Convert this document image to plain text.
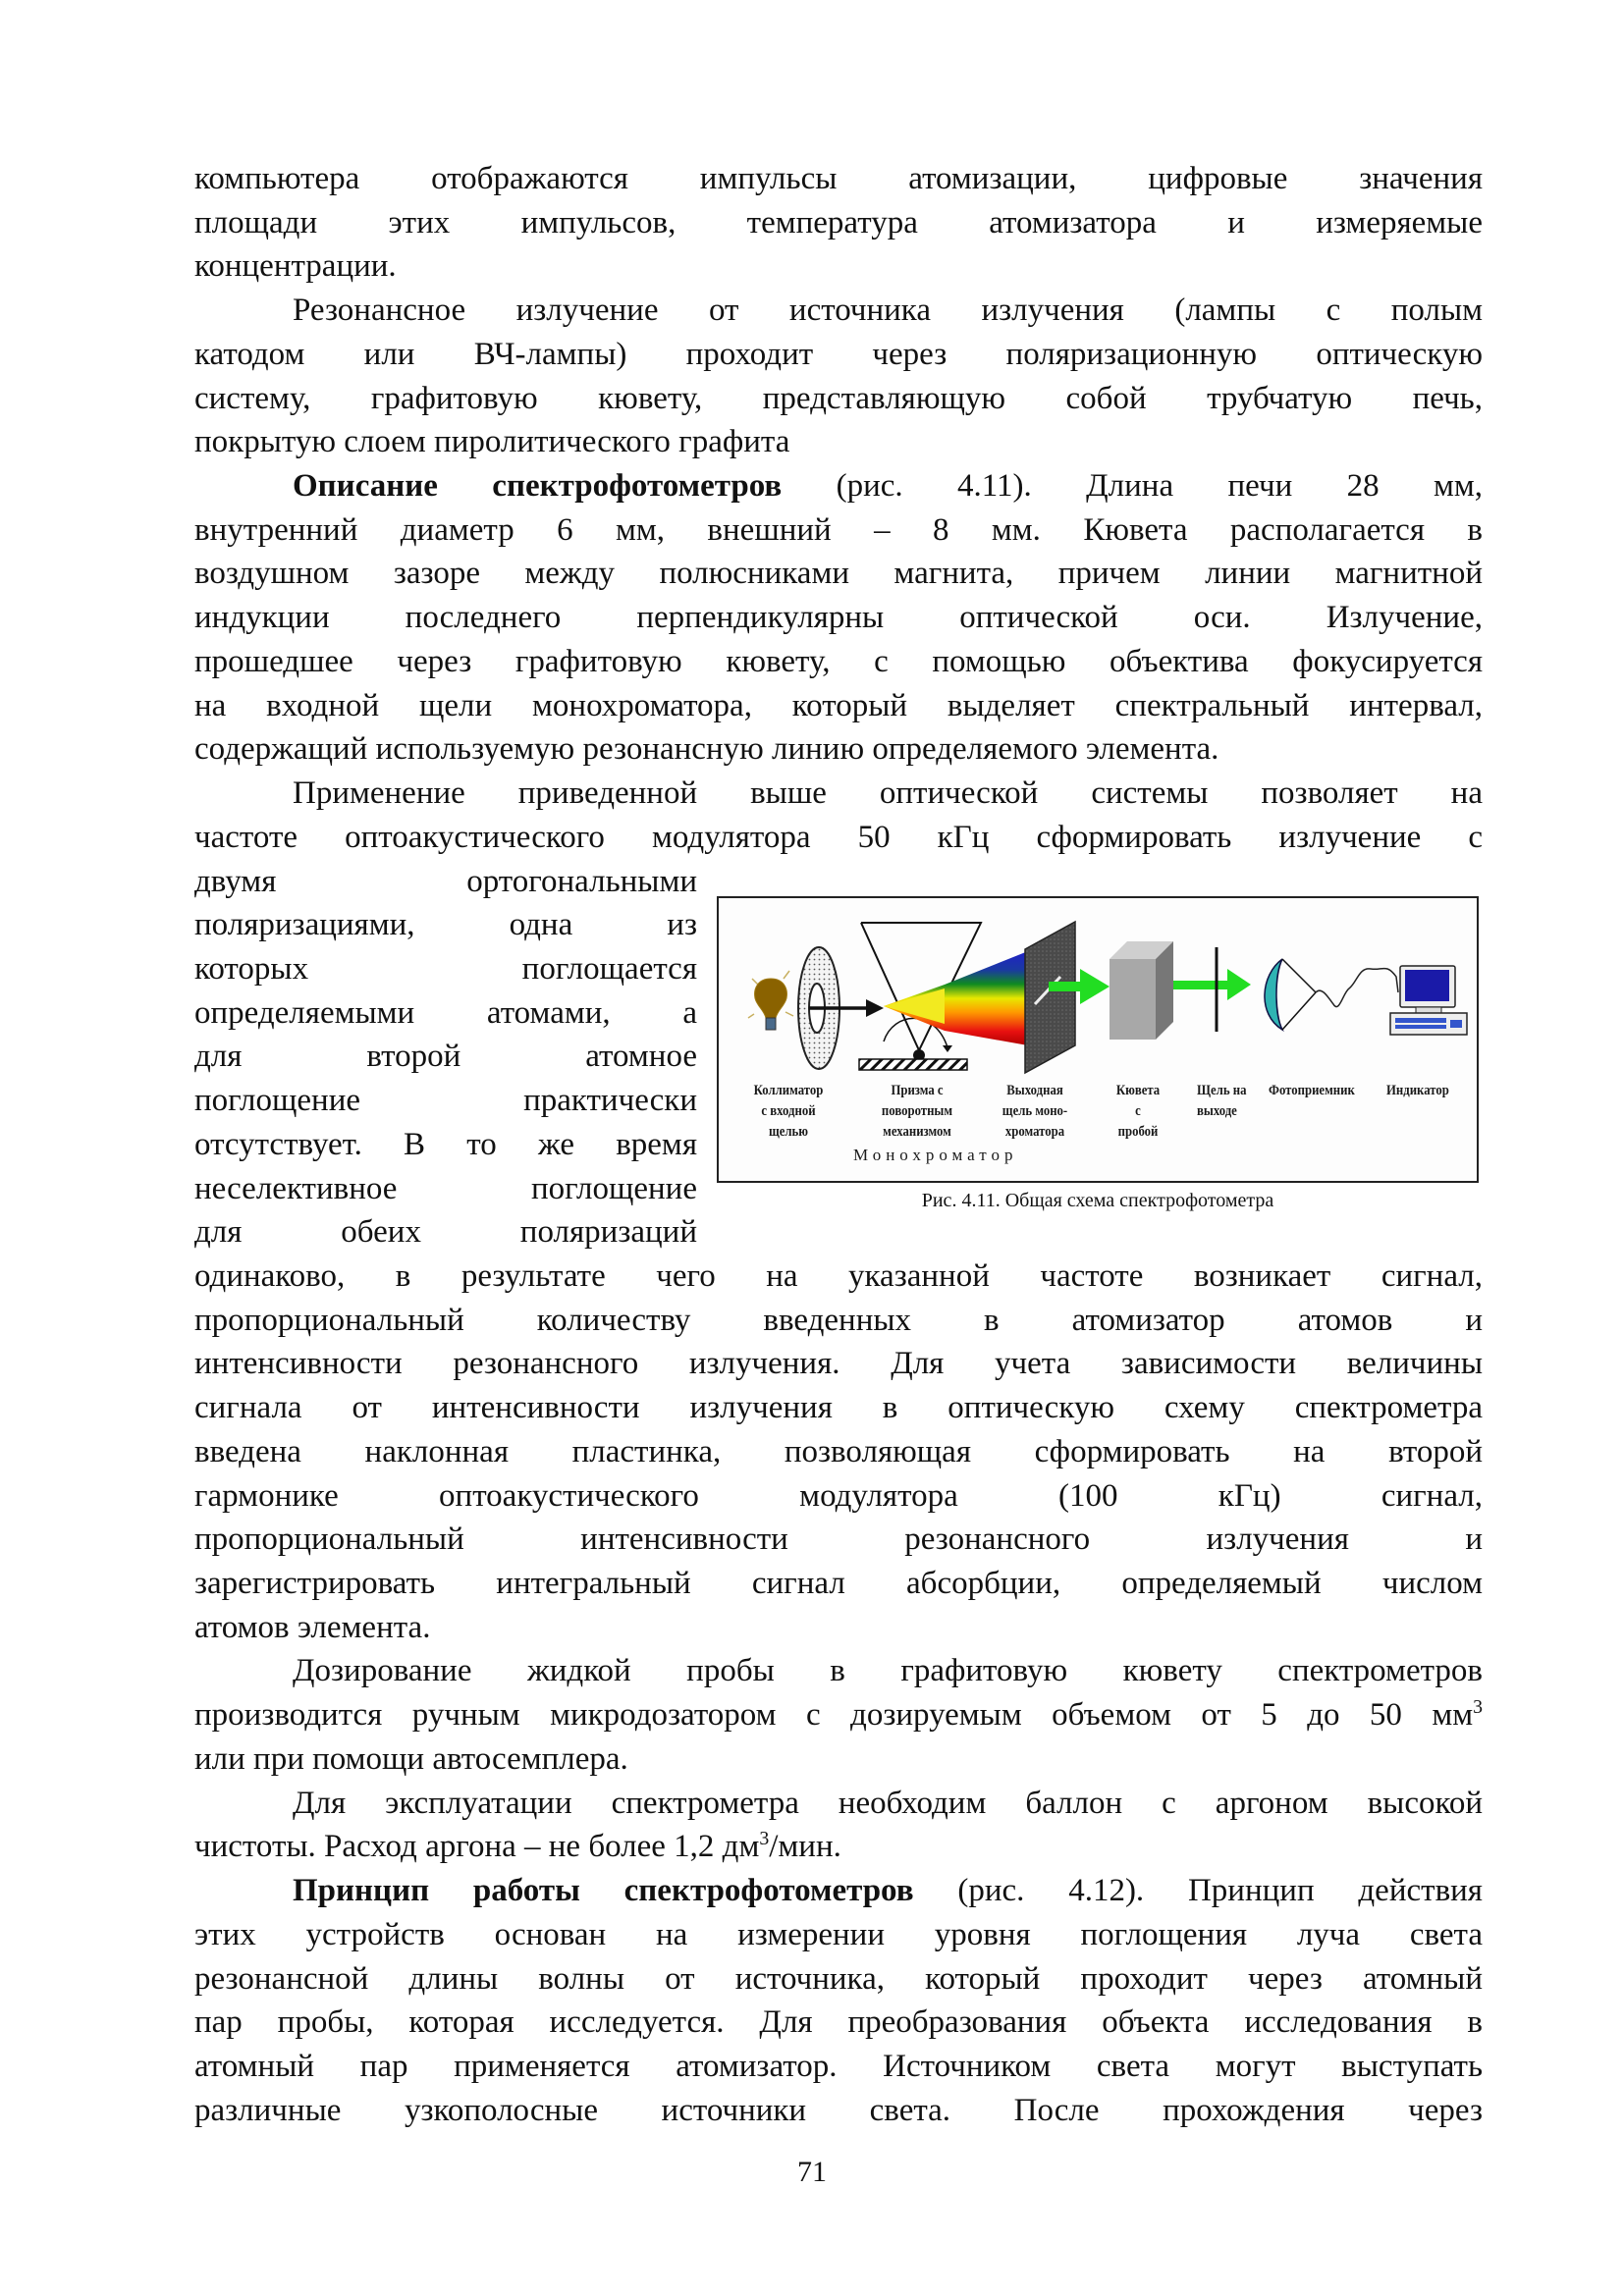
компьютера отображаются импульсы атомизации, цифровые значения
площади этих импульсов, температура атомизатора и измеряемые
концентрации.
Резонансное излучение от источника излучения (лампы с полым
катодом или ВЧ-лампы) проходит через поляризационную оптическую
систему, графитовую кювету, представляющую собой трубчатую печь,
покрытую слоем пиролитического графита
Описание спектрофотометров (рис. 4.11). Длина печи 28 мм,
внутренний диаметр 6 мм, внешний – 8 мм. Кювета располагается в
воздушном зазоре между полюсниками магнита, причем линии магнитной
индукции последнего перпендикулярны оптической оси. Излучение,
прошедшее через графитовую кювету, с помощью объектива фокусируется
на входной щели монохроматора, который выделяет спектральный интервал,
содержащий используемую резонансную линию определяемого элемента.
Применение приведенной выше оптической системы позволяет на
частоте оптоакустического модулятора 50 кГц сформировать излучение с
двумя ортогональными
поляризациями, одна из
которых поглощается
определяемыми атомами, а
для второй атомное
поглощение практически
отсутствует. В то же время
неселективное поглощение
для обеих поляризаций
одинаково, в результате чего на указанной частоте возникает сигнал,
пропорциональный количеству введенных в атомизатор атомов и
интенсивности резонансного излучения. Для учета зависимости величины
сигнала от интенсивности излучения в оптическую схему спектрометра
введена наклонная пластинка, позволяющая сформировать на второй
гармонике оптоакустического модулятора (100 кГц) сигнал,
пропорциональный интенсивности резонансного излучения и
зарегистрировать интегральный сигнал абсорбции, определяемый числом
атомов элемента.
Дозирование жидкой пробы в графитовую кювету спектрометров
производится ручным микродозатором с дозируемым объемом от 5 до 50 $мм^3$
или при помощи автосемплера.
Для эксплуатации спектрометра необходим баллон с аргоном высокой
чистоты. Расход аргона – не более 1,2 $дм^3$/мин.
Принцип работы спектрофотометров (рис. 4.12). Принцип действия
этих устройств основан на измерении уровня поглощения луча света
резонансной длины волны от источника, который проходит через атомный
пар пробы, которая исследуется. Для преобразования объекта исследования в
атомный пар применяется атомизатор. Источником света могут выступать
различные узкополосные источники света. После прохождения через
Коллиматор
с входной
щелью
Призма с
поворотным
механизмом
Выходная
щель моно-
хроматора
Кювета
с
пробой
Щель на
выходе
Фотоприемник Индикатор
Монохроматор
Рис. 4.11. Общая схема спектрофотометра
71
